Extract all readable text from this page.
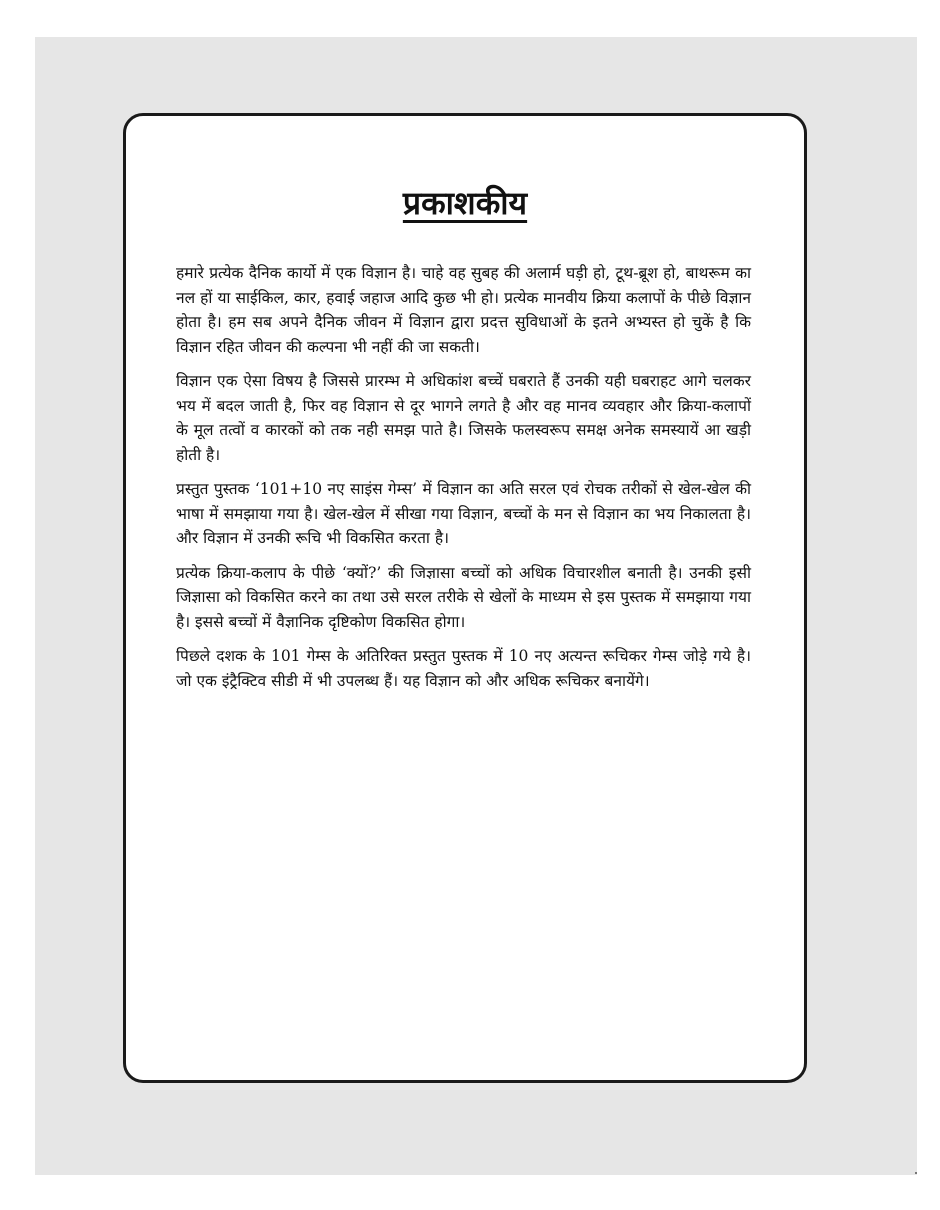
प्रकाशकीय

हमारे प्रत्येक दैनिक कार्यो में एक विज्ञान है। चाहे वह सुबह की अलार्म घड़ी हो, टूथ-ब्रूश हो, बाथरूम का नल हों या साईकिल, कार, हवाई जहाज आदि कुछ भी हो। प्रत्येक मानवीय क्रिया कलापों के पीछे विज्ञान होता है। हम सब अपने दैनिक जीवन में विज्ञान द्वारा प्रदत्त सुविधाओं के इतने अभ्यस्त हो चुकें है कि विज्ञान रहित जीवन की कल्पना भी नहीं की जा सकती।

विज्ञान एक ऐसा विषय है जिससे प्रारम्भ मे अधिकांश बच्चें घबराते हैं उनकी यही घबराहट आगे चलकर भय में बदल जाती है, फिर वह विज्ञान से दूर भागने लगते है और वह मानव व्यवहार और क्रिया-कलापों के मूल तत्वों व कारकों को तक नही समझ पाते है। जिसके फलस्वरूप समक्ष अनेक समस्यायें आ खड़ी होती है।

प्रस्तुत पुस्तक ‘101+10 नए साइंस गेम्स’ में विज्ञान का अति सरल एवं रोचक तरीकों से खेल-खेल की भाषा में समझाया गया है। खेल-खेल में सीखा गया विज्ञान, बच्चों के मन से विज्ञान का भय निकालता है। और विज्ञान में उनकी रूचि भी विकसित करता है।

प्रत्येक क्रिया-कलाप के पीछे ‘क्यों?’ की जिज्ञासा बच्चों को अधिक विचारशील बनाती है। उनकी इसी जिज्ञासा को विकसित करने का तथा उसे सरल तरीके से खेलों के माध्यम से इस पुस्तक में समझाया गया है। इससे बच्चों में वैज्ञानिक दृष्टिकोण विकसित होगा।

पिछले दशक के 101 गेम्स के अतिरिक्त प्रस्तुत पुस्तक में 10 नए अत्यन्त रूचिकर गेम्स जोड़े गये है। जो एक इंट्रैक्टिव सीडी में भी उपलब्ध हैं। यह विज्ञान को और अधिक रूचिकर बनायेंगे।
